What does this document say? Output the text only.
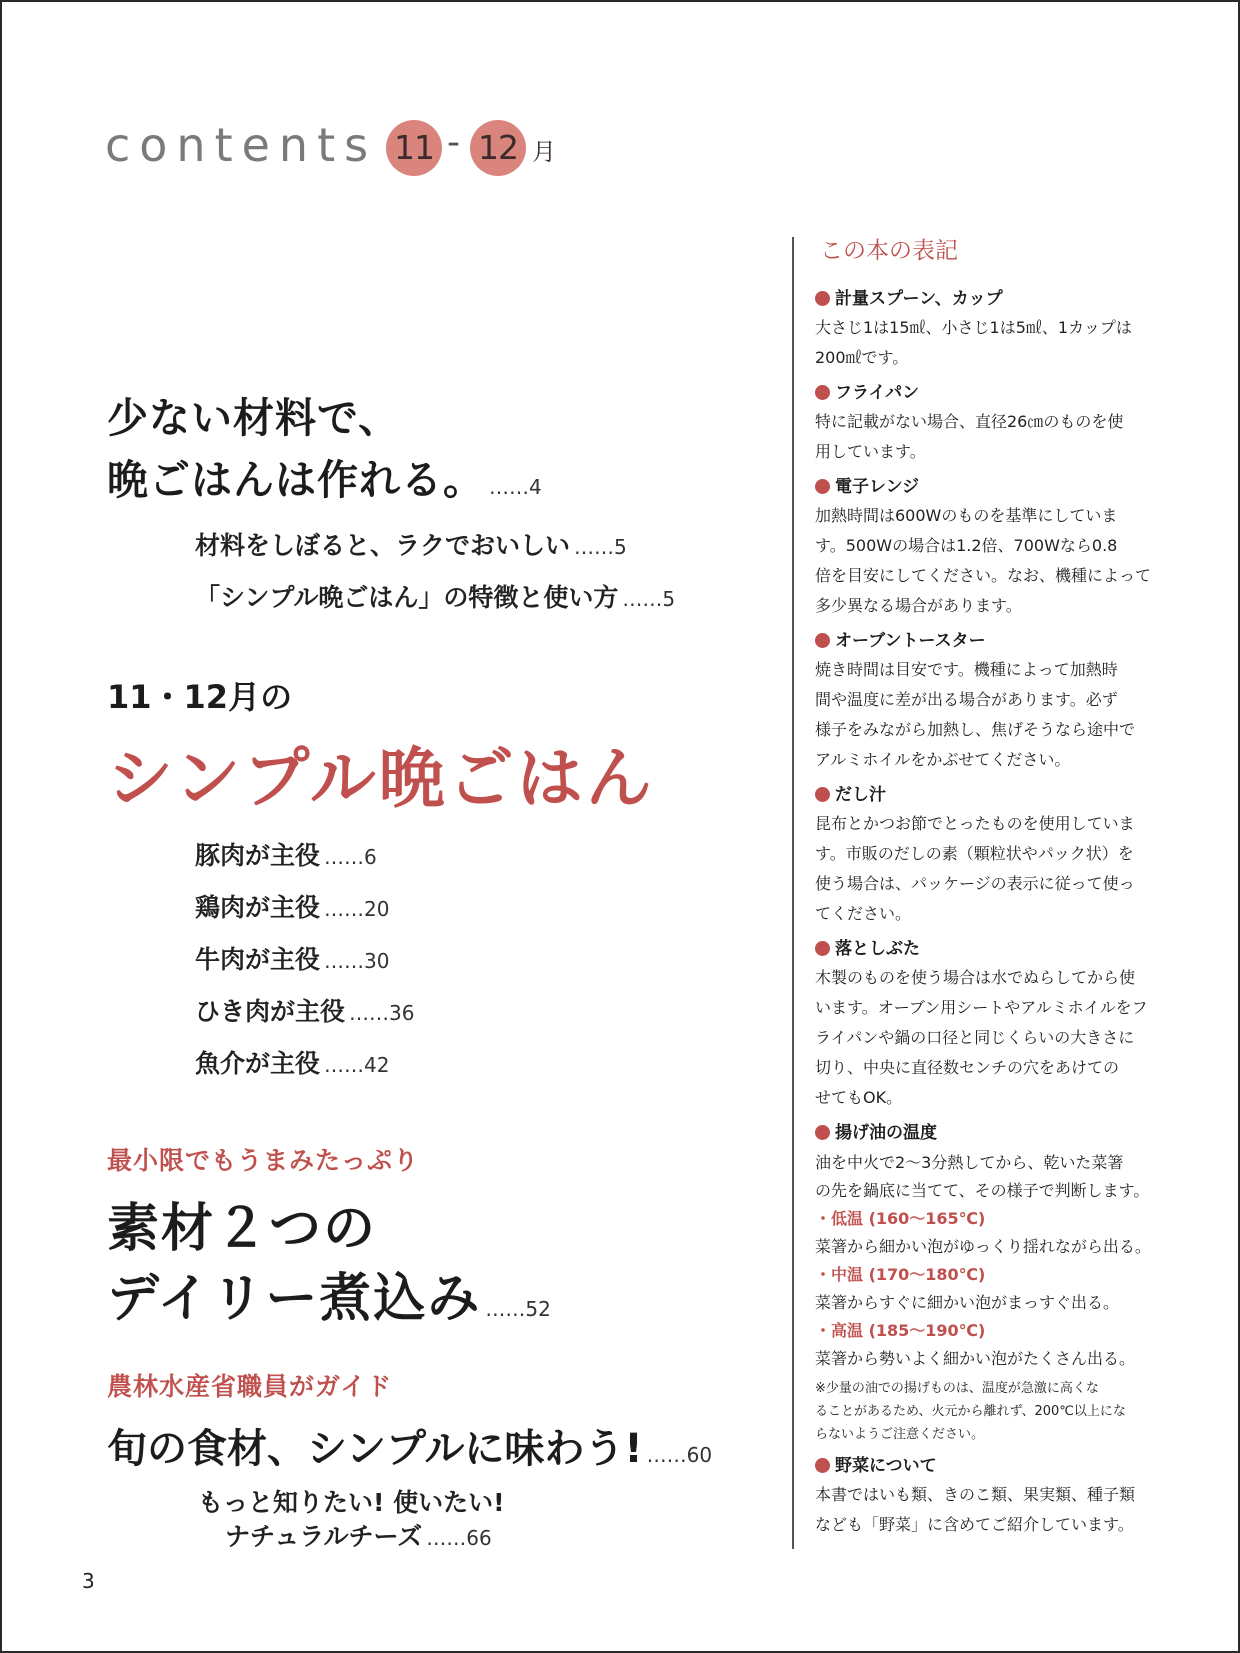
contents 11 - 12 月
少ない材料で、
晩ごはんは作れる。 ……4
材料をしぼると、ラクでおいしい ……5
「シンプル晩ごはん」の特徴と使い方 ……5
11・12月の
シンプル晩ごはん
豚肉が主役 ……6
鶏肉が主役 ……20
牛肉が主役 ……30
ひき肉が主役 ……36
魚介が主役 ……42
最小限でもうまみたっぷり
素材２つの
デイリー煮込み ……52
農林水産省職員がガイド
旬の食材、シンプルに味わう! ……60
もっと知りたい! 使いたい!
ナチュラルチーズ ……66
3
この本の表記
計量スプーン、カップ
大さじ1は15㎖、小さじ1は5㎖、1カップは
200㎖です。
フライパン
特に記載がない場合、直径26㎝のものを使
用しています。
電子レンジ
加熱時間は600Wのものを基準にしていま
す。500Wの場合は1.2倍、700Wなら0.8
倍を目安にしてください。なお、機種によって
多少異なる場合があります。
オーブントースター
焼き時間は目安です。機種によって加熱時
間や温度に差が出る場合があります。必ず
様子をみながら加熱し、焦げそうなら途中で
アルミホイルをかぶせてください。
だし汁
昆布とかつお節でとったものを使用していま
す。市販のだしの素（顆粒状やパック状）を
使う場合は、パッケージの表示に従って使っ
てください。
落としぶた
木製のものを使う場合は水でぬらしてから使
います。オーブン用シートやアルミホイルをフ
ライパンや鍋の口径と同じくらいの大きさに
切り、中央に直径数センチの穴をあけての
せてもOK。
揚げ油の温度
油を中火で2〜3分熱してから、乾いた菜箸
の先を鍋底に当てて、その様子で判断します。
・低温 (160〜165℃)
菜箸から細かい泡がゆっくり揺れながら出る。
・中温 (170〜180℃)
菜箸からすぐに細かい泡がまっすぐ出る。
・高温 (185〜190℃)
菜箸から勢いよく細かい泡がたくさん出る。
※少量の油での揚げものは、温度が急激に高くな
ることがあるため、火元から離れず、200℃以上にな
らないようご注意ください。
野菜について
本書ではいも類、きのこ類、果実類、種子類
なども「野菜」に含めてご紹介しています。
